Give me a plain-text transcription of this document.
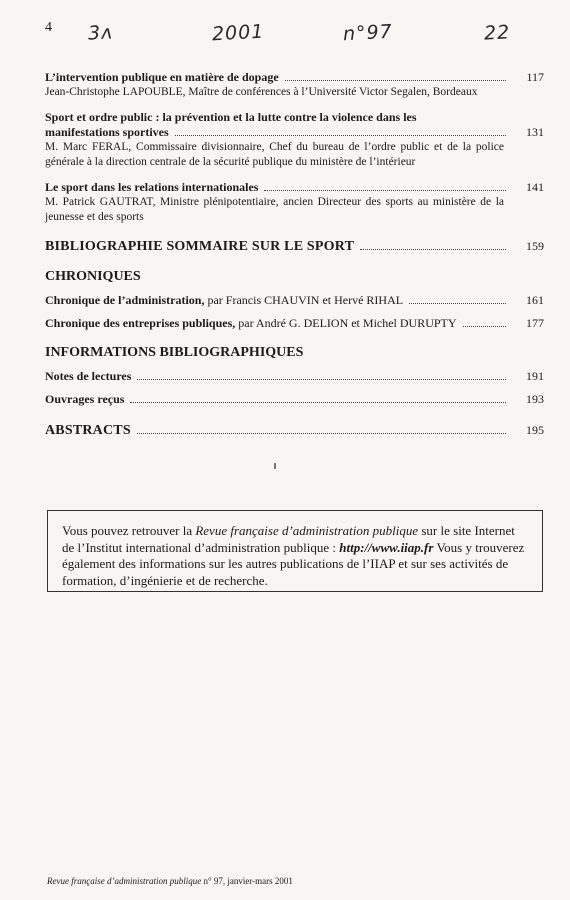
4 3ʌ	2001	n°97	22
L’intervention publique en matière de dopage	117
Jean-Christophe LAPOUBLE, Maître de conférences à l’Université Victor Segalen, Bordeaux
Sport et ordre public : la prévention et la lutte contre la violence dans les
manifestations sportives	131
M. Marc FERAL, Commissaire divisionnaire, Chef du bureau de l’ordre public et de la police générale à la direction centrale de la sécurité publique du ministère de l’intérieur
Le sport dans les relations internationales	141
M. Patrick GAUTRAT, Ministre plénipotentiaire, ancien Directeur des sports au ministère de la jeunesse et des sports
BIBLIOGRAPHIE SOMMAIRE SUR LE SPORT	159
CHRONIQUES
Chronique de l’administration, par Francis CHAUVIN et Hervé RIHAL	161
Chronique des entreprises publiques, par André G. DELION et Michel DURUPTY	177
INFORMATIONS BIBLIOGRAPHIQUES
Notes de lectures	191
Ouvrages reçus	193
ABSTRACTS	195
Vous pouvez retrouver la Revue française d’administration publique sur le site Internet de l’Institut international d’administration publique : http://www.iiap.fr Vous y trouverez également des informations sur les autres publications de l’IIAP et sur ses activités de formation, d’ingénierie et de recherche.
Revue française d’administration publique n° 97, janvier-mars 2001
